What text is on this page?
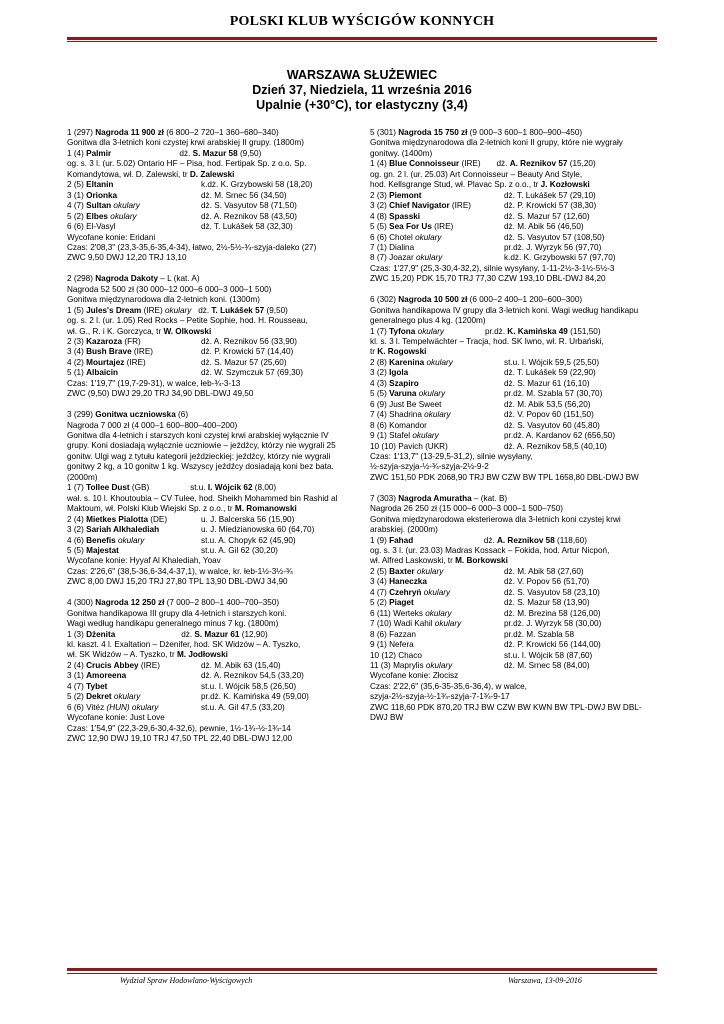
POLSKI KLUB WYŚCIGÓW KONNYCH
WARSZAWA SŁUŻEWIEC
Dzień 37, Niedziela, 11 września 2016
Upalnie (+30°C), tor elastyczny (3,4)
1 (297) Nagroda 11 900 zł (6 800–2 720–1 360–680–340)
Gonitwa dla 3-letnich koni czystej krwi arabskiej II grupy. (1800m)
1 (4) Palmir                              dż. S. Mazur 58 (9,50)
og. s. 3 l. (ur. 5.02) Ontario HF – Pisa, hod. Fertipak Sp. z o.o. Sp.
Komandytowa, wł. D. Zalewski, tr D. Zalewski
2 (5) Eltanin	k.dż. K. Grzybowski 58 (18,20)
3 (1) Orionka	dż. M. Srnec 56 (34,50)
4 (7) Sultan okulary	dż. S. Vasyutov 58 (71,50)
5 (2) Elbes okulary	dż. A. Reznikov 58 (43,50)
6 (6) El-Vasyl	dż. T. Lukášek 58 (32,30)
Wycofane konie: Eridani
Czas: 2'08,3" (23,3-35,6-35,4-34), łatwo, 2½-5½-¾-szyja-daleko (27)
ZWC 9,50 DWJ 12,20 TRJ 13,10
2 (298) Nagroda Dakoty – L (kat. A)
Nagroda 52 500 zł (30 000–12 000–6 000–3 000–1 500)
Gonitwa międzynarodowa dla 2-letnich koni. (1300m)
1 (5) Jules's Dream (IRE) okulary   dż. T. Lukášek 57 (9,50)
og. s. 2 l. (ur. 1.05) Red Rocks – Petite Sophie, hod. H. Rousseau,
wł. G., R. i K. Gorczyca, tr W. Olkowski
2 (3) Kazaroza (FR)	dż. A. Reznikov 56 (33,90)
3 (4) Bush Brave (IRE)	dż. P. Krowicki 57 (14,40)
4 (2) Mourtajez (IRE)	dż. S. Mazur 57 (25,60)
5 (1) Albaicin	dż. W. Szymczuk 57 (69,30)
Czas: 1'19,7" (19,7-29-31), w walce, łeb-¾-3-13
ZWC (9,50) DWJ 29,20 TRJ 34,90 DBL-DWJ 49,50
3 (299) Gonitwa uczniowska (6)
Nagroda 7 000 zł (4 000–1 600–800–400–200)
Gonitwa dla 4-letnich i starszych koni czystej krwi arabskiej wyłącznie IV grupy. Koni dosiadają wyłącznie uczniowie – jeźdźcy, którzy nie wygrali 25 gonitw. Ulgi wag z tytułu kategorii jeździeckiej: jeźdźcy, którzy nie wygrali gonitwy 2 kg, a 10 gonitw 1 kg. Wszyscy jeźdźcy dosiadają koni bez bata. (2000m)
1 (7) Tollee Dust (GB)                  st.u. I. Wójcik 62 (8,00)
wał. s. 10 l. Khoutoubia – CV Tulee, hod. Sheikh Mohammed bin Rashid al Maktoum, wł. Polski Klub Wiejski Sp. z o.o., tr M. Romanowski
2 (4) Mietkes Pialotta (DE)	u. J. Balcerska 56 (15,90)
3 (2) Sariah Alkhalediah	u. J. Miedzianowska 60 (64,70)
4 (6) Benefis okulary	st.u. A. Chopyk 62 (45,90)
5 (5) Majestat	st.u. A. Gil 62 (30,20)
Wycofane konie: Hyyaf Al Khalediah, Yoav
Czas: 2'26,6" (38,5-36,6-34,4-37,1), w walce, kr. łeb-1½-3½-¾
ZWC 8,00 DWJ 15,20 TRJ 27,80 TPL 13,90 DBL-DWJ 34,90
4 (300) Nagroda 12 250 zł (7 000–2 800–1 400–700–350)
Gonitwa handikapowa III grupy dla 4-letnich i starszych koni.
Wagi według handikapu generalnego minus 7 kg. (1800m)
1 (3) Dżenita                             dż. S. Mazur 61 (12,90)
kl. kaszt. 4 l. Exaltation – Dżenifer, hod. SK Widzów – A. Tyszko,
wł. SK Widzów – A. Tyszko, tr M. Jodłowski
2 (4) Crucis Abbey (IRE)	dż. M. Abik 63 (15,40)
3 (1) Amoreena	dż. A. Reznikov 54,5 (33,20)
4 (7) Tybet	st.u. I. Wójcik 58,5 (26,50)
5 (2) Dekret okulary	pr.dż. K. Kamińska 49 (59,00)
6 (6) Vitéz (HUN) okulary	st.u. A. Gil 47,5 (33,20)
Wycofane konie: Just Love
Czas: 1'54,9" (22,3-29,6-30,4-32,6), pewnie, 1½-1¾-½-1¾-14
ZWC 12,90 DWJ 19,10 TRJ 47,50 TPL 22,40 DBL-DWJ 12,00
5 (301) Nagroda 15 750 zł (9 000–3 600–1 800–900–450)
Gonitwa międzynarodowa dla 2-letnich koni II grupy, które nie wygrały gonitwy. (1400m)
1 (4) Blue Connoisseur (IRE)       dż. A. Reznikov 57 (15,20)
og. gn. 2 l. (ur. 25.03) Art Connoisseur – Beauty And Style,
hod. Kellsgrange Stud, wł. Plavac Sp. z o.o., tr J. Kozłowski
2 (3) Piemont	dż. T. Lukášek 57 (29,10)
3 (2) Chief Navigator (IRE)	dż. P. Krowicki 57 (38,30)
4 (8) Spasski	dż. S. Mazur 57 (12,60)
5 (5) Sea For Us (IRE)	dż. M. Abik 56 (46,50)
6 (6) Chotel okulary	dż. S. Vasyutov 57 (108,50)
7 (1) Dialina	pr.dż. J. Wyrzyk 56 (97,70)
8 (7) Joazar okulary	k.dż. K. Grzybowski 57 (97,70)
Czas: 1'27,9" (25,3-30,4-32,2), silnie wysyłany, 1-11-2½-3-1½-5½-3
ZWC 15,20) PDK 15,70 TRJ 77,30 CZW 193,10 DBL-DWJ 84,20
6 (302) Nagroda 10 500 zł (6 000–2 400–1 200–600–300)
Gonitwa handikapowa IV grupy dla 3-letnich koni. Wagi według handikapu generalnego plus 4 kg. (1200m)
1 (7) Tyfona okulary                  pr.dż. K. Kamińska 49 (151,50)
kl. s. 3 l. Tempelwächter – Tracja, hod. SK Iwno, wł. R. Urbański,
tr K. Rogowski
2 (8) Karenina okulary	st.u. I. Wójcik 59,5 (25,50)
3 (2) Igola	dż. T. Lukášek 59 (22,90)
4 (3) Szapiro	dż. S. Mazur 61 (16,10)
5 (5) Varuna okulary	pr.dż. M. Szabla 57 (30,70)
6 (9) Just Be Sweet	dż. M. Abik 53,5 (56,20)
7 (4) Shadrina okulary	dż. V. Popov 60 (151,50)
8 (6) Komandor	dż. S. Vasyutov 60 (45,80)
9 (1) Stafel okulary	pr.dż. A. Kardanov 62 (656,50)
10 (10) Pavich (UKR)	dż. A. Reznikov 58,5 (40,10)
Czas: 1'13,7" (13-29,5-31,2), silnie wysyłany,
½-szyja-szyja-½-¾-szyja-2½-9-2
ZWC 151,50 PDK 2068,90 TRJ BW CZW BW TPL 1658,80 DBL-DWJ BW
7 (303) Nagroda Amuratha – (kat. B)
Nagroda 26 250 zł (15 000–6 000–3 000–1 500–750)
Gonitwa międzynarodowa eksterierowa dla 3-letnich koni czystej krwi arabskiej. (2000m)
1 (9) Fahad                               dż. A. Reznikov 58 (118,60)
og. s. 3 l. (ur. 23.03) Madras Kossack – Fokida, hod. Artur Nicpoń,
wł. Alfred Laskowski, tr M. Borkowski
2 (5) Baxter okulary	dż. M. Abik 58 (27,60)
3 (4) Haneczka	dż. V. Popov 56 (51,70)
4 (7) Czehryń okulary	dż. S. Vasyutov 58 (23,10)
5 (2) Piaget	dż. S. Mazur 58 (13,90)
6 (11) Werteks okulary	dż. M. Brezina 58 (126,00)
7 (10) Wadi Kahil okulary	pr.dż. J. Wyrzyk 58 (30,00)
8 (6) Fazzan	pr.dż. M. Szabla 58
9 (1) Nefera	dż. P. Krowicki 56 (144,00)
10 (12) Chaco	st.u. I. Wójcik 58 (87,60)
11 (3) Maprylis okulary	dż. M. Srnec 58 (84,00)
Wycofane konie: Złocisz
Czas: 2'22,6" (35,6-35-35,6-36,4), w walce,
szyja-2½-szyja-½-1¾-szyja-7-1¾-9-17
ZWC 118,60 PDK 870,20 TRJ BW CZW BW KWN BW TPL-DWJ BW DBL-DWJ BW
Wydział Spraw Hodowlano-Wyścigowych	Warszawa, 13-09-2016
